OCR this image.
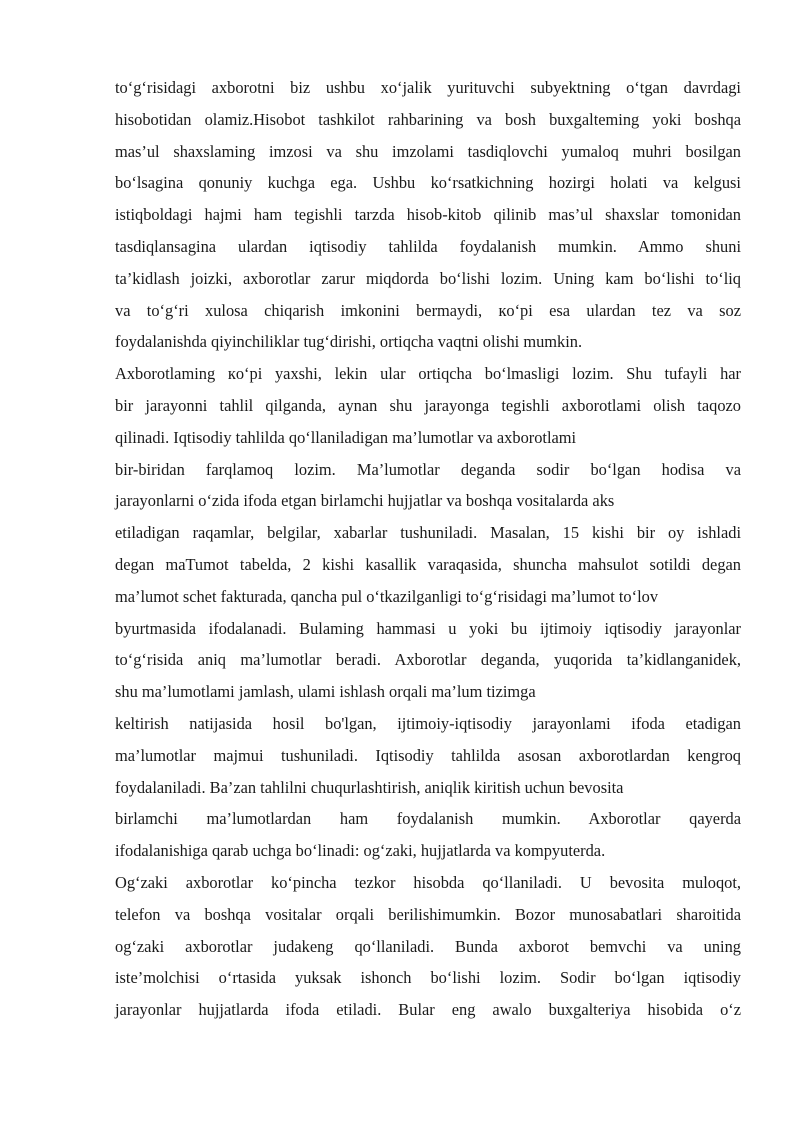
to‘g‘risidagi axborotni biz ushbu xo‘jalik yurituvchi subyektning o‘tgan davrdagi
hisobotidan olamiz.Hisobot tashkilot rahbarining va bosh buxgalteming yoki boshqa
mas’ul shaxslaming imzosi va shu imzolami tasdiqlovchi yumaloq muhri bosilgan
bo‘lsagina qonuniy kuchga ega. Ushbu ko‘rsatkichning hozirgi holati va kelgusi
istiqboldagi hajmi ham tegishli tarzda hisob-kitob qilinib mas’ul shaxslar tomonidan
tasdiqlansagina ulardan iqtisodiy tahlilda foydalanish mumkin. Ammo shuni
ta’kidlash joizki, axborotlar zarur miqdorda bo‘lishi lozim. Uning kam bo‘lishi to‘liq
va to‘g‘ri xulosa chiqarish imkonini bermaydi, кo‘pi esa ulardan tez va soz
foydalanishda qiyinchiliklar tug‘dirishi, ortiqcha vaqtni olishi mumkin.
Axborotlaming кo‘pi yaxshi, lekin ular ortiqcha bo‘lmasligi lozim. Shu tufayli har
bir jarayonni tahlil qilganda, aynan shu jarayonga tegishli axborotlami olish taqozo
qilinadi. Iqtisodiy tahlilda qo‘llaniladigan ma’lumotlar va axborotlami
bir-biridan farqlamoq lozim. Ma’lumotlar deganda sodir bo‘lgan hodisa va
jarayonlarni o‘zida ifoda etgan birlamchi hujjatlar va boshqa vositalarda aks
etiladigan raqamlar, belgilar, xabarlar tushuniladi. Masalan, 15 kishi bir oy ishladi
degan maTumot tabelda, 2 kishi kasallik varaqasida, shuncha mahsulot sotildi degan
ma’lumot schet fakturada, qancha pul o‘tkazilganligi to‘g‘risidagi ma’lumot to‘lov
byurtmasida ifodalanadi. Bulaming hammasi u yoki bu ijtimoiy iqtisodiy jarayonlar
to‘g‘risida aniq ma’lumotlar beradi. Axborotlar deganda, yuqorida ta’kidlanganidek,
shu ma’lumotlami jamlash, ulami ishlash orqali ma’lum tizimga
keltirish natijasida hosil bo'lgan, ijtimoiy-iqtisodiy jarayonlami ifoda etadigan
ma’lumotlar majmui tushuniladi. Iqtisodiy tahlilda asosan axborotlardan kengroq
foydalaniladi. Ba’zan tahlilni chuqurlashtirish, aniqlik kiritish uchun bevosita
birlamchi ma’lumotlardan ham foydalanish mumkin. Axborotlar qayerda
ifodalanishiga qarab uchga bo‘linadi: og‘zaki, hujjatlarda va kompyuterda.
Og‘zaki axborotlar ko‘pincha tezkor hisobda qo‘llaniladi. U bevosita muloqot,
telefon va boshqa vositalar orqali berilishimumkin. Bozor munosabatlari sharoitida
og‘zaki axborotlar judakeng qo‘llaniladi. Bunda axborot bemvchi va uning
iste’molchisi o‘rtasida yuksak ishonch bo‘lishi lozim. Sodir bo‘lgan iqtisodiy
jarayonlar hujjatlarda ifoda etiladi. Bular eng awalo buxgalteriya hisobida o‘z
